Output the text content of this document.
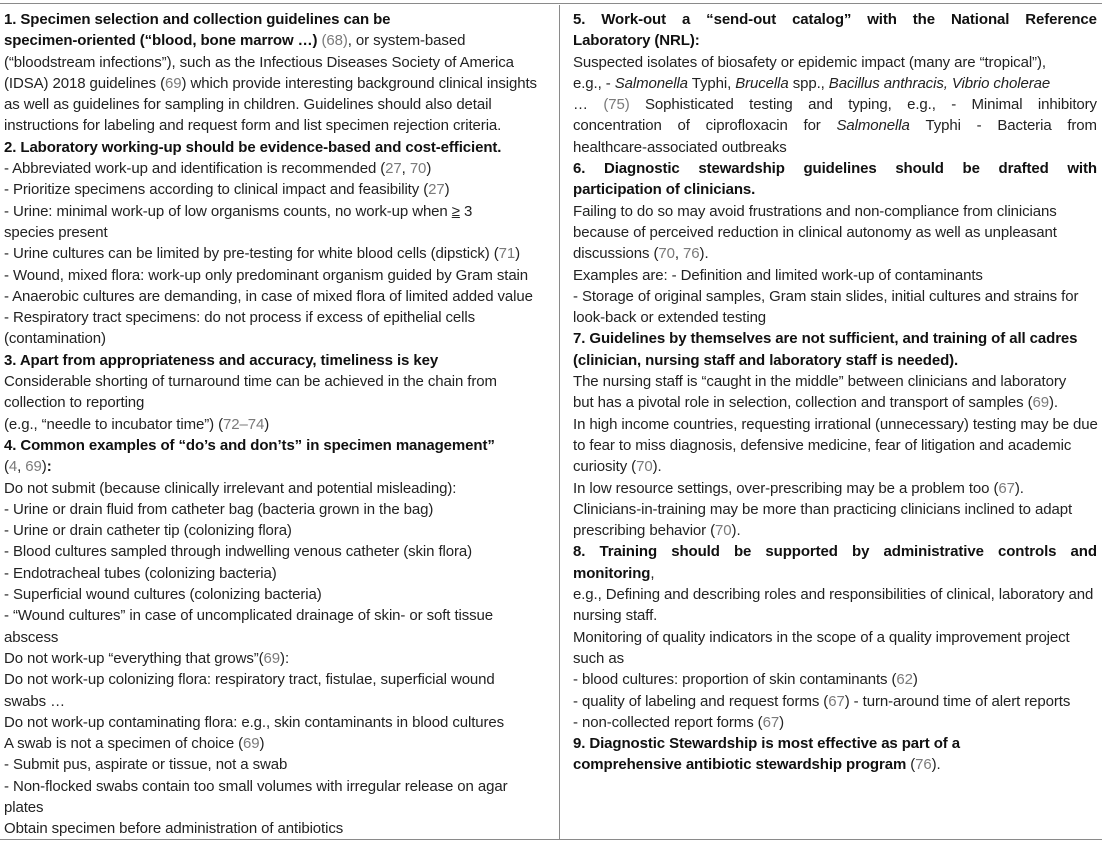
1. Specimen selection and collection guidelines can be
specimen-oriented (“blood, bone marrow …) (68), or system-based
(“bloodstream infections”), such as the Infectious Diseases Society of America
(IDSA) 2018 guidelines (69) which provide interesting background clinical insights
as well as guidelines for sampling in children. Guidelines should also detail
instructions for labeling and request form and list specimen rejection criteria.
2. Laboratory working-up should be evidence-based and cost-efficient.
- Abbreviated work-up and identification is recommended (27, 70)
- Prioritize specimens according to clinical impact and feasibility (27)
- Urine: minimal work-up of low organisms counts, no work-up when ≥ 3
species present
- Urine cultures can be limited by pre-testing for white blood cells (dipstick) (71)
- Wound, mixed flora: work-up only predominant organism guided by Gram stain
- Anaerobic cultures are demanding, in case of mixed flora of limited added value
- Respiratory tract specimens: do not process if excess of epithelial cells
(contamination)
3. Apart from appropriateness and accuracy, timeliness is key
Considerable shorting of turnaround time can be achieved in the chain from
collection to reporting
(e.g., “needle to incubator time”) (72–74)
4. Common examples of “do’s and don’ts” in specimen management”
(4, 69):
Do not submit (because clinically irrelevant and potential misleading):
- Urine or drain fluid from catheter bag (bacteria grown in the bag)
- Urine or drain catheter tip (colonizing flora)
- Blood cultures sampled through indwelling venous catheter (skin flora)
- Endotracheal tubes (colonizing bacteria)
- Superficial wound cultures (colonizing bacteria)
- “Wound cultures” in case of uncomplicated drainage of skin- or soft tissue
abscess
Do not work-up “everything that grows”(69):
Do not work-up colonizing flora: respiratory tract, fistulae, superficial wound
swabs …
Do not work-up contaminating flora: e.g., skin contaminants in blood cultures
A swab is not a specimen of choice (69)
- Submit pus, aspirate or tissue, not a swab
- Non-flocked swabs contain too small volumes with irregular release on agar
plates
Obtain specimen before administration of antibiotics
5. Work-out a “send-out catalog” with the National Reference
Laboratory (NRL):
Suspected isolates of biosafety or epidemic impact (many are “tropical”),
e.g., - Salmonella Typhi, Brucella spp., Bacillus anthracis, Vibrio cholerae
… (75) Sophisticated testing and typing, e.g., - Minimal inhibitory
concentration of ciprofloxacin for Salmonella Typhi - Bacteria from
healthcare-associated outbreaks
6. Diagnostic stewardship guidelines should be drafted with
participation of clinicians.
Failing to do so may avoid frustrations and non-compliance from clinicians
because of perceived reduction in clinical autonomy as well as unpleasant
discussions (70, 76).
Examples are: - Definition and limited work-up of contaminants
- Storage of original samples, Gram stain slides, initial cultures and strains for
look-back or extended testing
7. Guidelines by themselves are not sufficient, and training of all cadres
(clinician, nursing staff and laboratory staff is needed).
The nursing staff is “caught in the middle” between clinicians and laboratory
but has a pivotal role in selection, collection and transport of samples (69).
In high income countries, requesting irrational (unnecessary) testing may be due
to fear to miss diagnosis, defensive medicine, fear of litigation and academic
curiosity (70).
In low resource settings, over-prescribing may be a problem too (67).
Clinicians-in-training may be more than practicing clinicians inclined to adapt
prescribing behavior (70).
8. Training should be supported by administrative controls and
monitoring,
e.g., Defining and describing roles and responsibilities of clinical, laboratory and
nursing staff.
Monitoring of quality indicators in the scope of a quality improvement project
such as
- blood cultures: proportion of skin contaminants (62)
- quality of labeling and request forms (67) - turn-around time of alert reports
- non-collected report forms (67)
9. Diagnostic Stewardship is most effective as part of a
comprehensive antibiotic stewardship program (76).
